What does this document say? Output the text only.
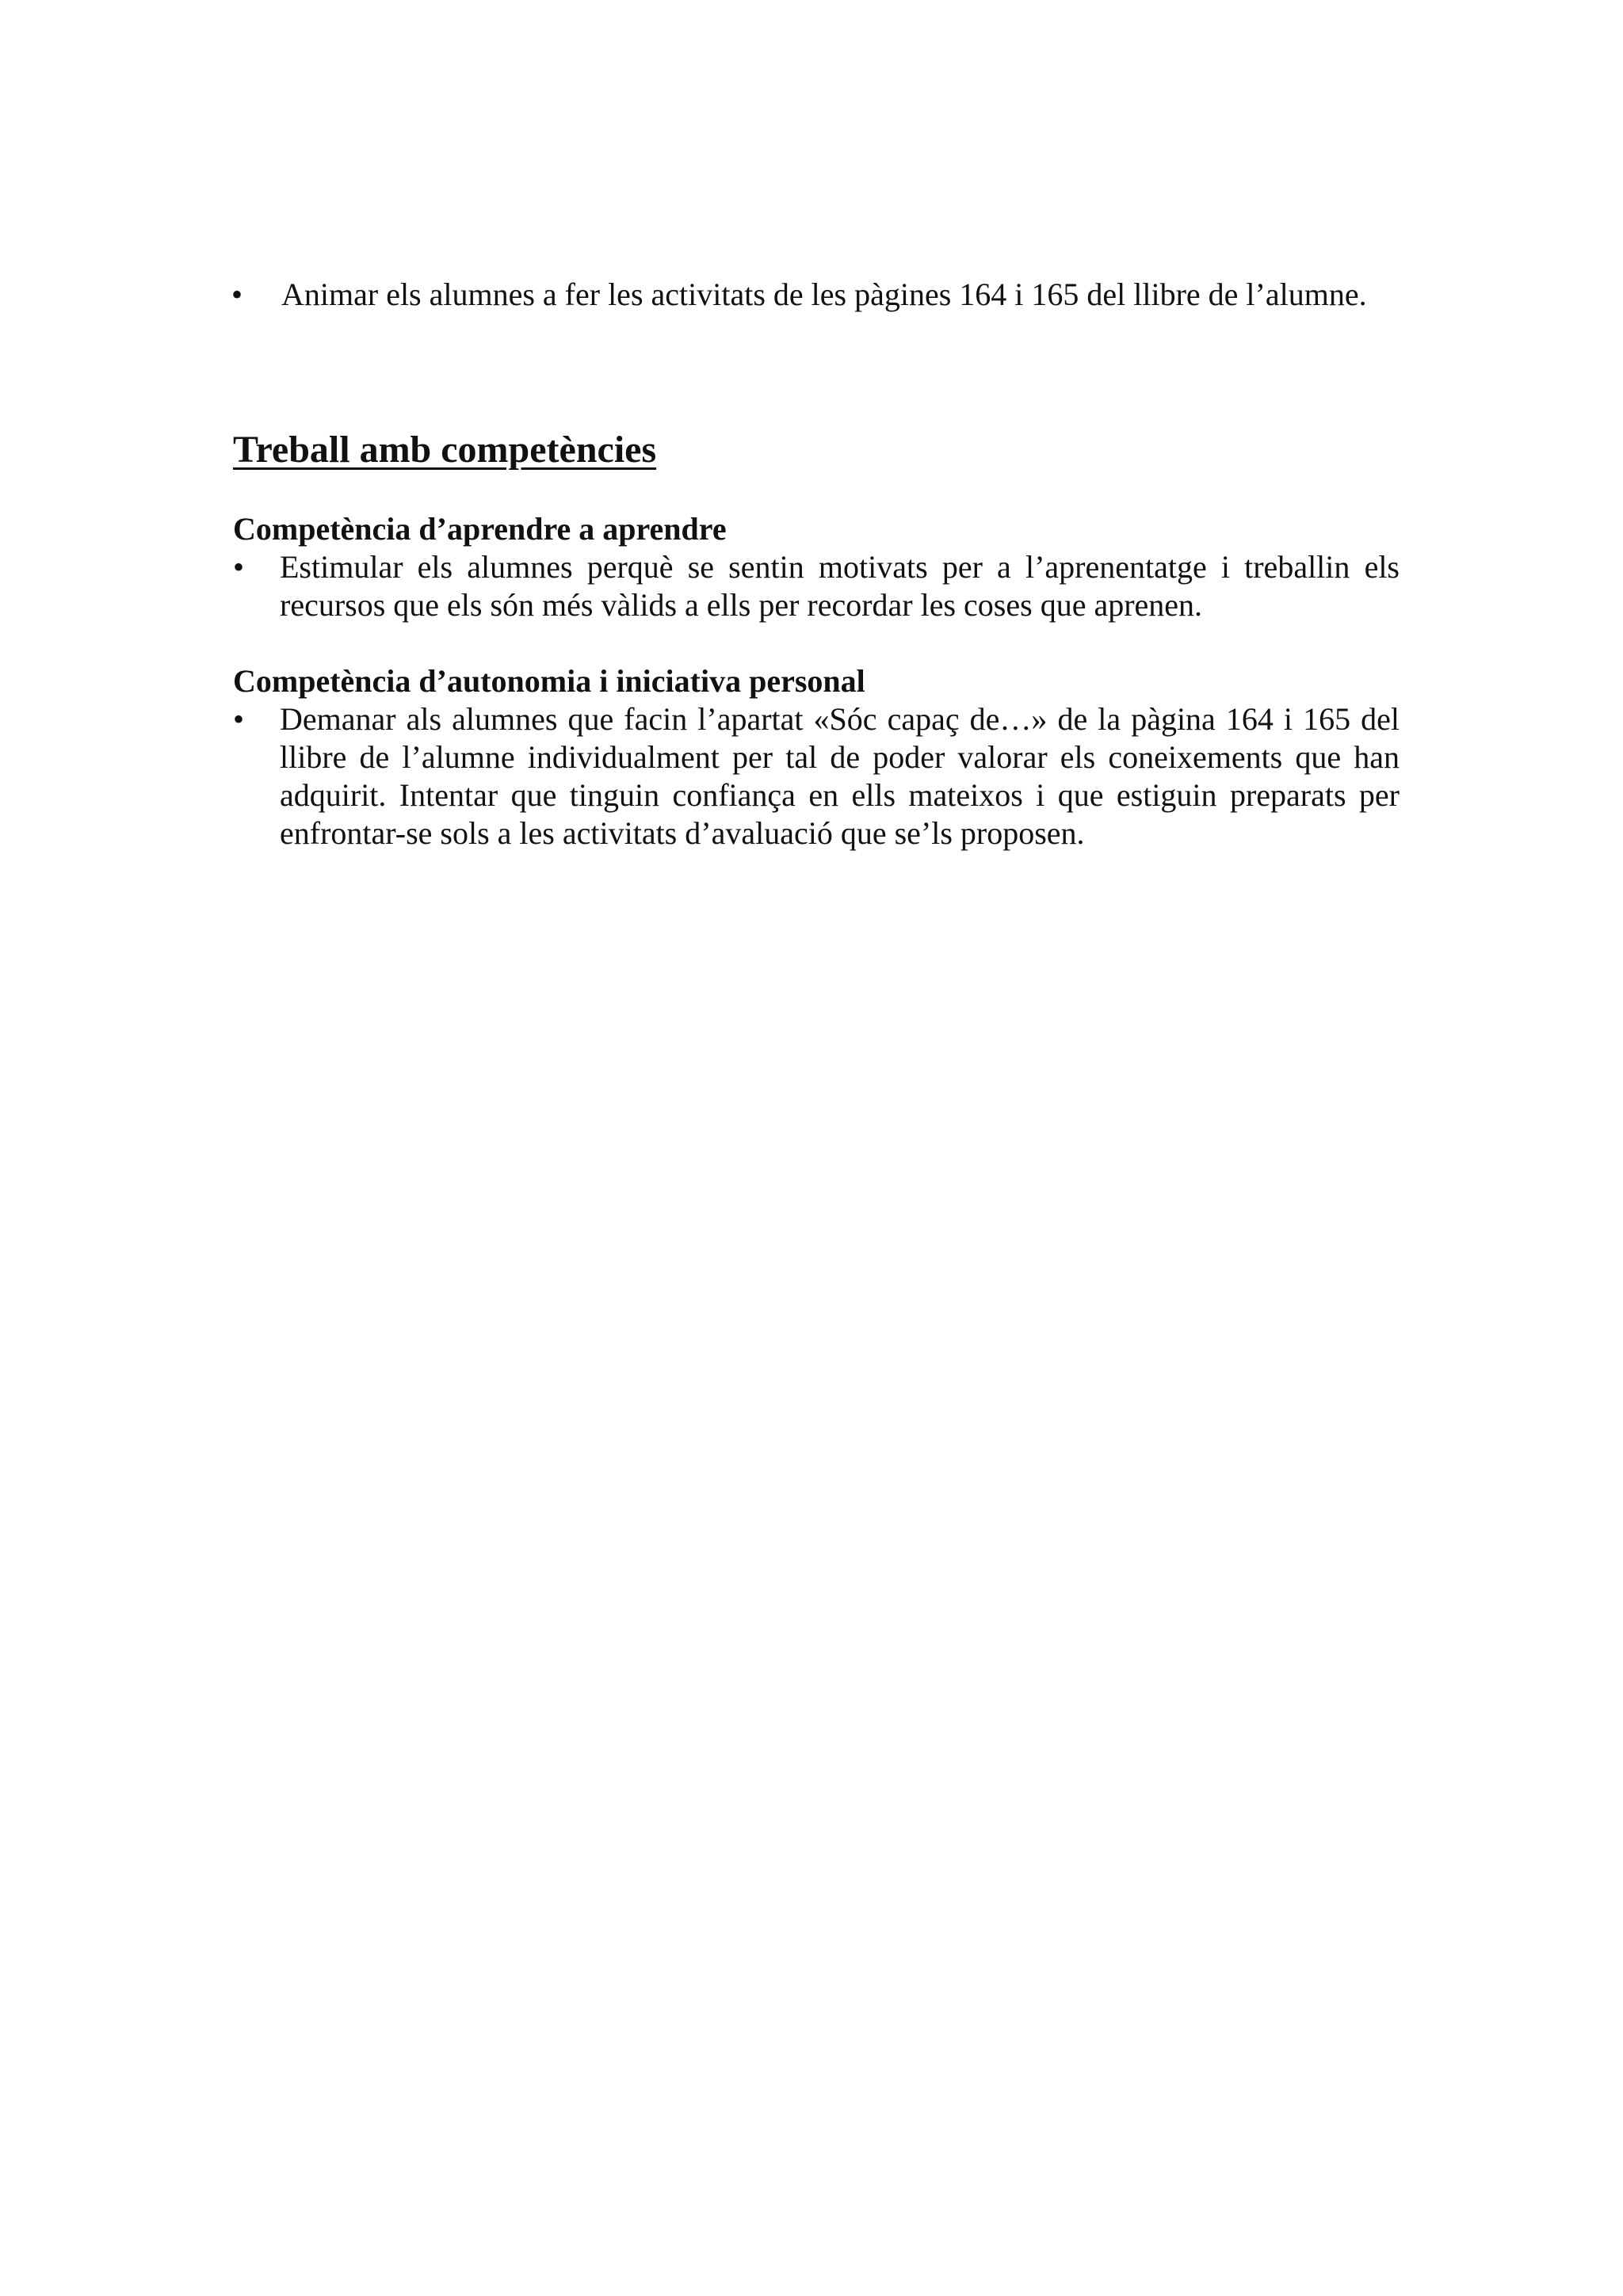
• Animar els alumnes a fer les activitats de les pàgines 164 i 165 del llibre de l’alumne.
Treball amb competències
Competència d’aprendre a aprendre
• Estimular els alumnes perquè se sentin motivats per a l’aprenentatge i treballin els recursos que els són més vàlids a ells per recordar les coses que aprenen.
Competència d’autonomia i iniciativa personal
• Demanar als alumnes que facin l’apartat «Sóc capaç de…» de la pàgina 164 i 165 del llibre de l’alumne individualment per tal de poder valorar els coneixements que han adquirit. Intentar que tinguin confiança en ells mateixos i que estiguin preparats per enfrontar-se sols a les activitats d’avaluació que se’ls proposen.
